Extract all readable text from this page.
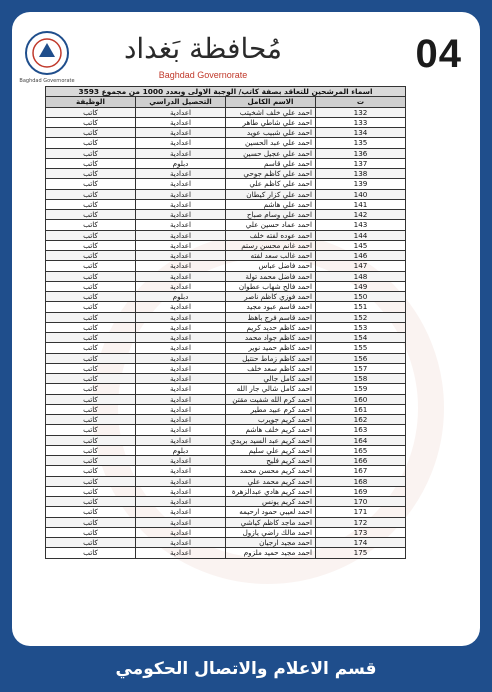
Baghdad Governorate
مُحافظة بَغداد
Baghdad Governorate	04
اسماء المرشحين للتعاقد بصفة كاتب/ الوجبة الاولى وبعدد 1000 من مجموع 3593			
ت	الاسم الكامل	التحصيل الدراسي	الوظيفة
132	احمد علي خلف اشخيتب	اعدادية	كاتب
133	احمد علي شاطي طاهر	اعدادية	كاتب
134	احمد علي شبيب عويد	اعدادية	كاتب
135	احمد علي عبد الحسين	اعدادية	كاتب
136	احمد علي عجيل حسين	اعدادية	كاتب
137	احمد علي قاسم	دبلوم	كاتب
138	احمد علي كاظم جوحي	اعدادية	كاتب
139	احمد علي كاظم علي	اعدادية	كاتب
140	احمد علي كزار كيطان	اعدادية	كاتب
141	احمد علي هاشم	اعدادية	كاتب
142	احمد علي وسام صباح	اعدادية	كاتب
143	احمد عماد حسين علي	اعدادية	كاتب
144	احمد عوده لفته خلف	اعدادية	كاتب
145	احمد غانم محسن رستم	اعدادية	كاتب
146	احمد غالب سعد لفته	اعدادية	كاتب
147	احمد فاضل عباس	اعدادية	كاتب
148	احمد فاضل محمد تولة	اعدادية	كاتب
149	احمد فالح شهاب عطوان	اعدادية	كاتب
150	احمد فوزي كاظم ناصر	دبلوم	كاتب
151	احمد قاسم عبود مجيد	اعدادية	كاتب
152	احمد قاسم فرج باهظ	اعدادية	كاتب
153	احمد كاظم حديد كريم	اعدادية	كاتب
154	احمد كاظم جواد محمد	اعدادية	كاتب
155	احمد كاظم حميد نوير	اعدادية	كاتب
156	احمد كاظم زماط حنتيل	اعدادية	كاتب
157	احمد كاظم سعد خلف	اعدادية	كاتب
158	احمد كامل جالي	اعدادية	كاتب
159	احمد كامل شالي جار الله	اعدادية	كاتب
160	احمد كرم الله شفيت مقتن	اعدادية	كاتب
161	احمد كرم عبيد مطير	اعدادية	كاتب
162	احمد كريم جويرب	اعدادية	كاتب
163	احمد كريم خلف هاشم	اعدادية	كاتب
164	احمد كريم عبد السيد بريدي	اعدادية	كاتب
165	احمد كريم علي سليم	دبلوم	كاتب
166	احمد كريم فليح	اعدادية	كاتب
167	احمد كريم محسن محمد	اعدادية	كاتب
168	احمد كريم محمد علي	اعدادية	كاتب
169	احمد كريم هادي عبدالزهرة	اعدادية	كاتب
170	احمد كريم يونس	اعدادية	كاتب
171	احمد لعيبي حمود ارحيمه	اعدادية	كاتب
172	احمد ماجد كاظم كياشي	اعدادية	كاتب
173	احمد مالك راضي يازول	اعدادية	كاتب
174	احمد مجيد ارجيان	اعدادية	كاتب
175	احمد مجيد حميد ملزوم	اعدادية	كاتب
قسم الاعلام والاتصال الحكومي
